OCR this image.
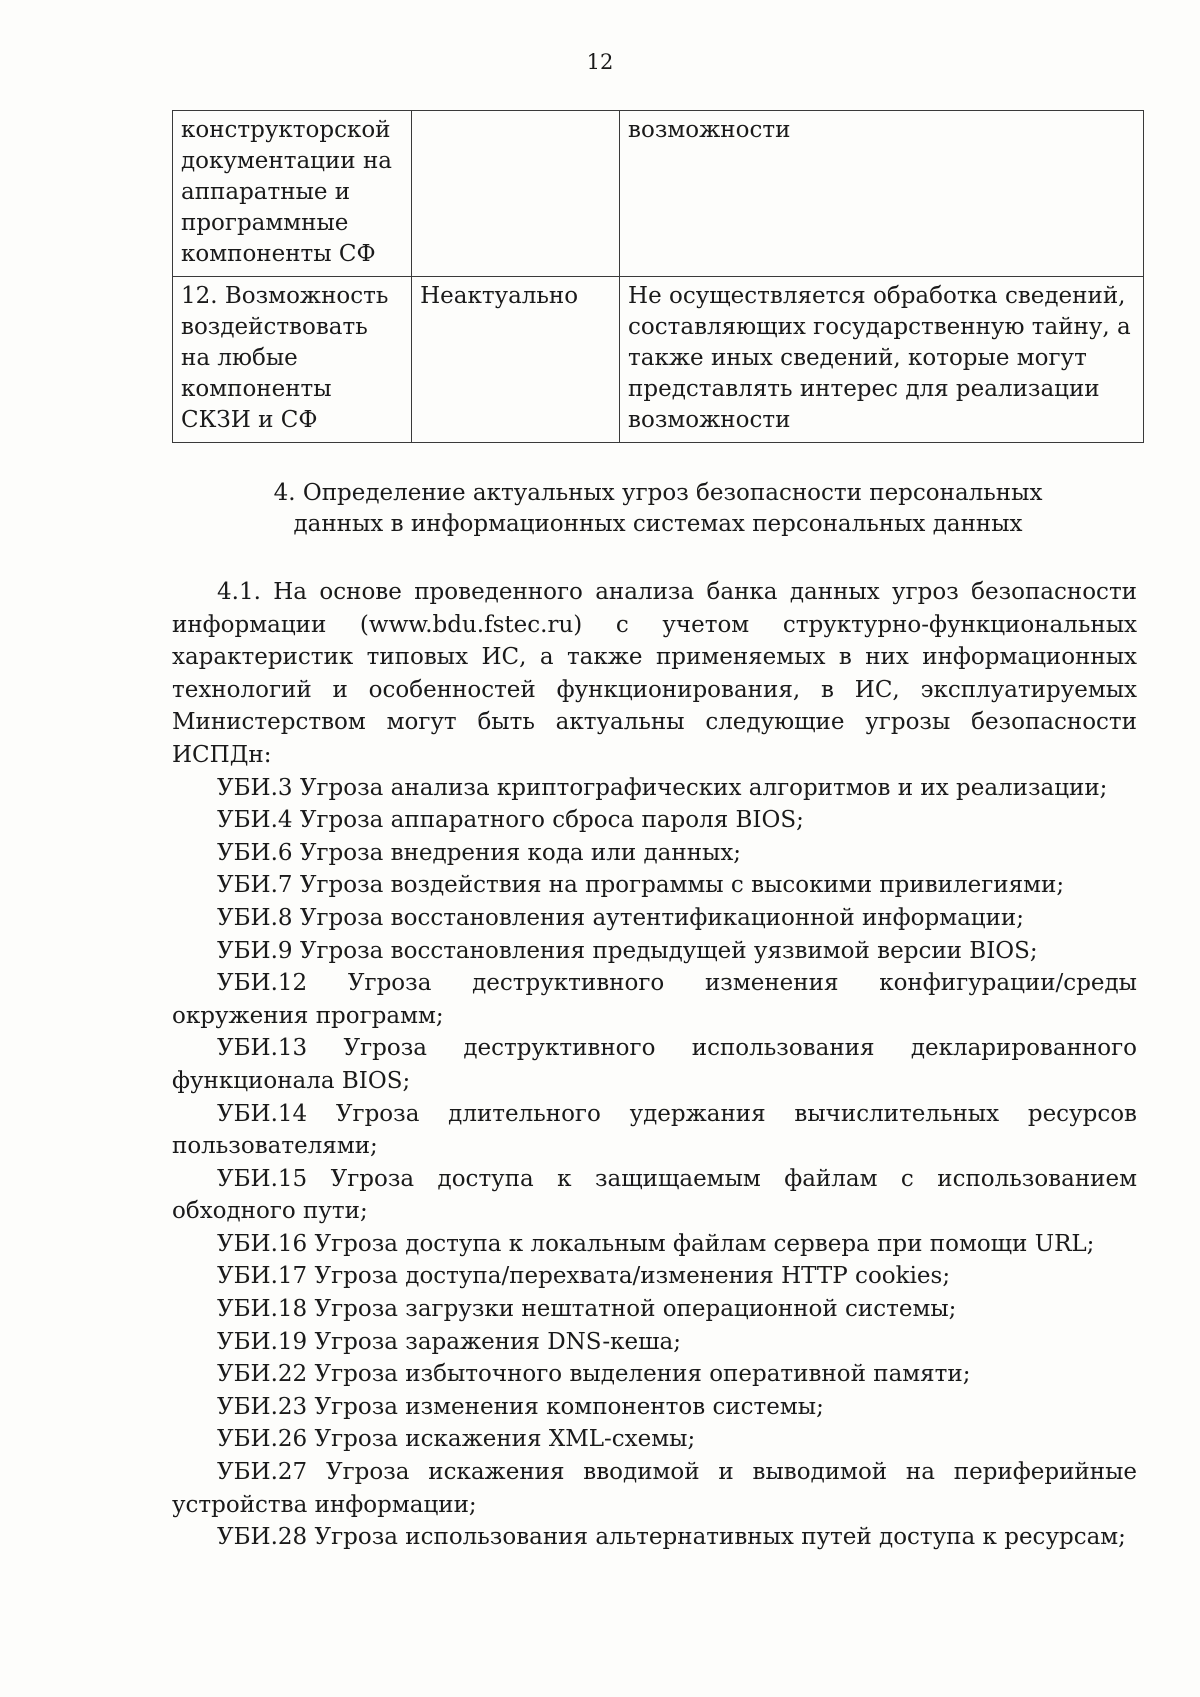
12
конструкторской документации на аппаратные и программные компоненты СФ		возможности
12. Возможность воздействовать на любые компоненты СКЗИ и СФ	Неактуально	Не осуществляется обработка сведений, составляющих государственную тайну, а также иных сведений, которые могут представлять интерес для реализации возможности
4. Определение актуальных угроз безопасности персональных
данных в информационных системах персональных данных

4.1. На основе проведенного анализа банка данных угроз безопасности информации (www.bdu.fstec.ru) с учетом структурно-функциональных характеристик типовых ИС, а также применяемых в них информационных технологий и особенностей функционирования, в ИС, эксплуатируемых Министерством могут быть актуальны следующие угрозы безопасности ИСПДн:

УБИ.3 Угроза анализа криптографических алгоритмов и их реализации;

УБИ.4 Угроза аппаратного сброса пароля BIOS;

УБИ.6 Угроза внедрения кода или данных;

УБИ.7 Угроза воздействия на программы с высокими привилегиями;

УБИ.8 Угроза восстановления аутентификационной информации;

УБИ.9 Угроза восстановления предыдущей уязвимой версии BIOS;

УБИ.12 Угроза деструктивного изменения конфигурации/среды окружения программ;

УБИ.13 Угроза деструктивного использования декларированного функционала BIOS;

УБИ.14 Угроза длительного удержания вычислительных ресурсов пользователями;

УБИ.15 Угроза доступа к защищаемым файлам с использованием обходного пути;

УБИ.16 Угроза доступа к локальным файлам сервера при помощи URL;

УБИ.17 Угроза доступа/перехвата/изменения HTTP cookies;

УБИ.18 Угроза загрузки нештатной операционной системы;

УБИ.19 Угроза заражения DNS-кеша;

УБИ.22 Угроза избыточного выделения оперативной памяти;

УБИ.23 Угроза изменения компонентов системы;

УБИ.26 Угроза искажения XML-схемы;

УБИ.27 Угроза искажения вводимой и выводимой на периферийные устройства информации;

УБИ.28 Угроза использования альтернативных путей доступа к ресурсам;
